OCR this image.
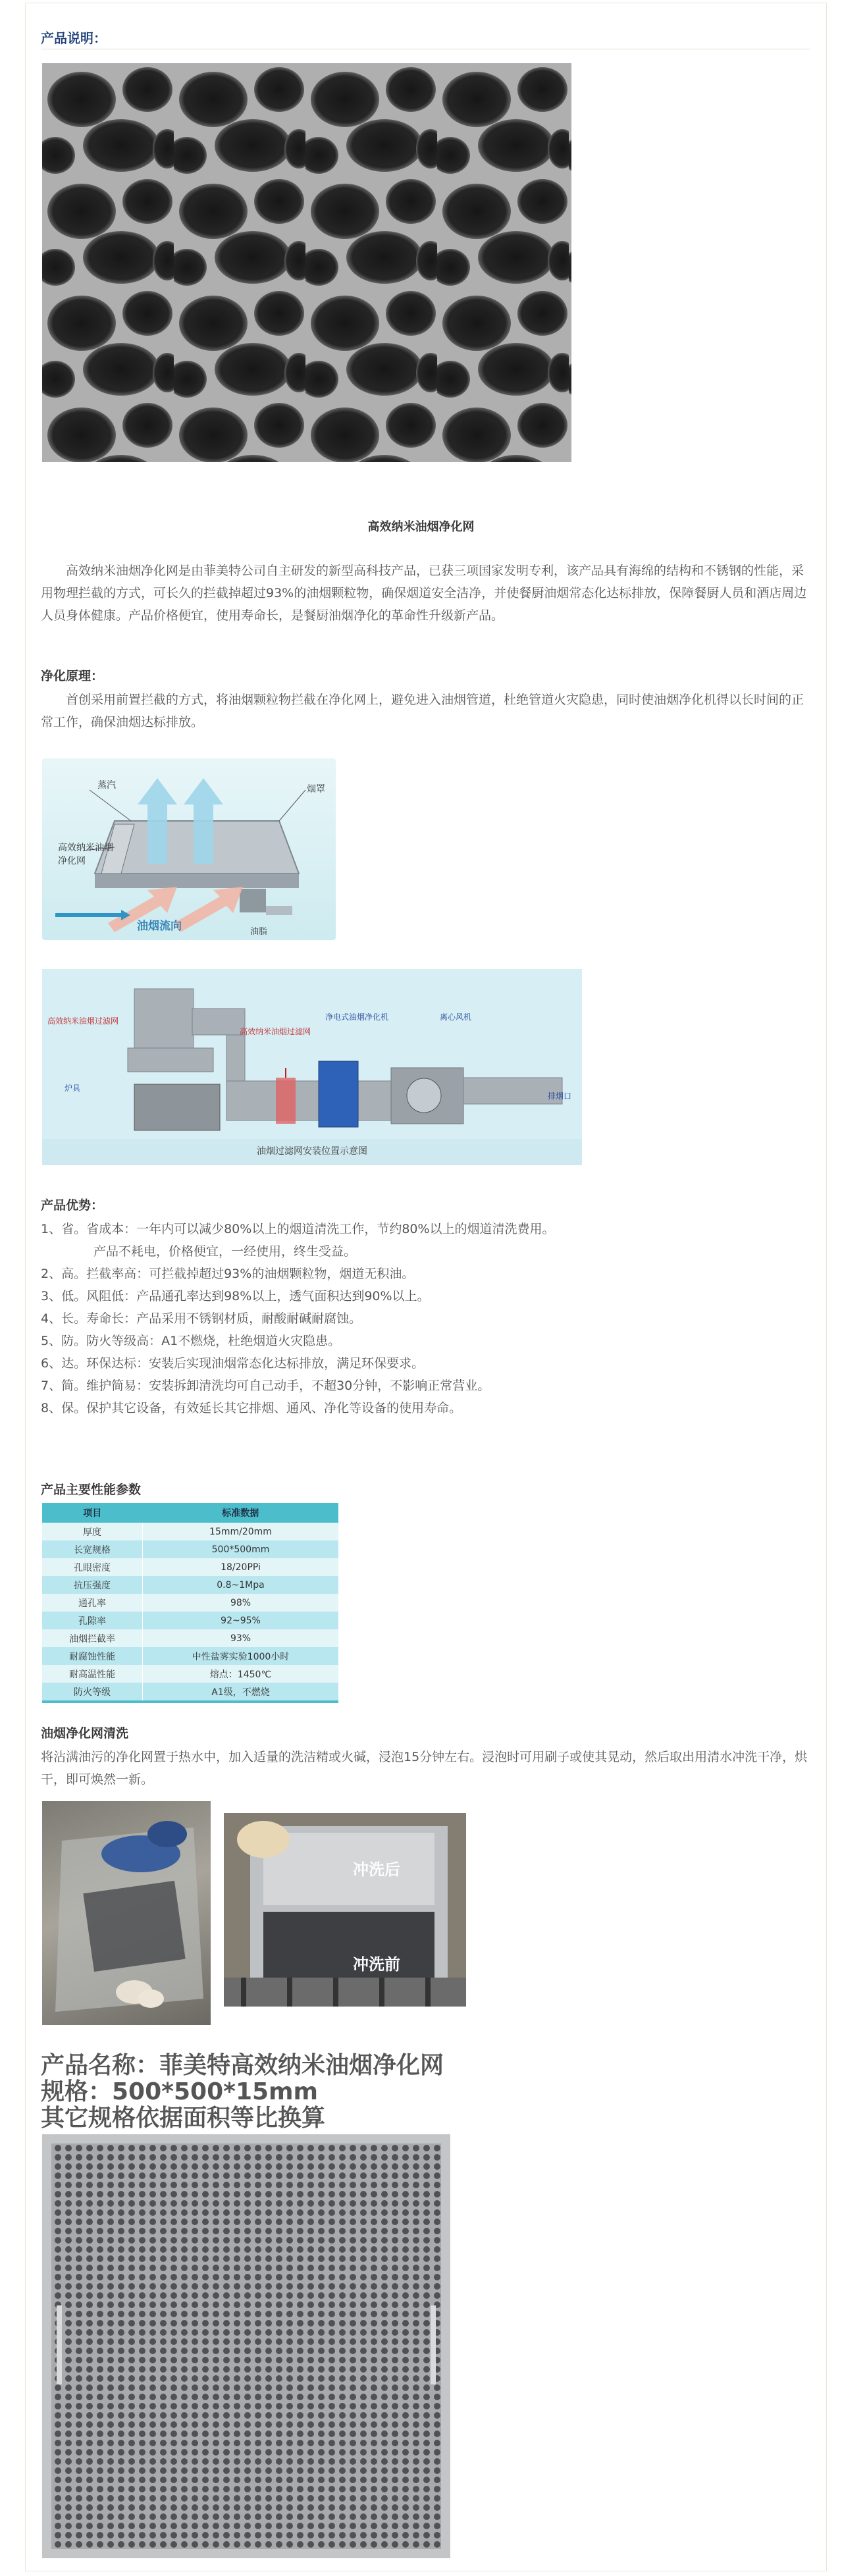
产品说明：
高效纳米油烟净化网
高效纳米油烟净化网是由菲美特公司自主研发的新型高科技产品，已获三项国家发明专利，该产品具有海绵的结构和不锈钢的性能，采用物理拦截的方式，可长久的拦截掉超过93%的油烟颗粒物，确保烟道安全洁净，并使餐厨油烟常态化达标排放，保障餐厨人员和酒店周边人员身体健康。产品价格便宜，使用寿命长，是餐厨油烟净化的革命性升级新产品。
净化原理：
首创采用前置拦截的方式，将油烟颗粒物拦截在净化网上，避免进入油烟管道，杜绝管道火灾隐患，同时使油烟净化机得以长时间的正常工作，确保油烟达标排放。
蒸汽	烟罩
高效纳米油烟
净化网
油烟流向	油脂
高效纳米油烟过滤网
高效纳米油烟过滤网
净电式油烟净化机	离心风机
炉具
排烟口
油烟过滤网安装位置示意图
产品优势：
1、省。省成本：一年内可以减少80%以上的烟道清洗工作，节约80%以上的烟道清洗费用。
产品不耗电，价格便宜，一经使用，终生受益。
2、高。拦截率高：可拦截掉超过93%的油烟颗粒物，烟道无积油。
3、低。风阻低：产品通孔率达到98%以上，透气面积达到90%以上。
4、长。寿命长：产品采用不锈钢材质，耐酸耐碱耐腐蚀。
5、防。防火等级高：A1不燃烧，杜绝烟道火灾隐患。
6、达。环保达标：安装后实现油烟常态化达标排放，满足环保要求。
7、简。维护简易：安装拆卸清洗均可自己动手，不超30分钟，不影响正常营业。
8、保。保护其它设备，有效延长其它排烟、通风、净化等设备的使用寿命。
产品主要性能参数
项目	标准数据
厚度	15mm/20mm
长宽规格	500*500mm
孔眼密度	18/20PPi
抗压强度	0.8~1Mpa
通孔率	98%
孔隙率	92~95%
油烟拦截率	93%
耐腐蚀性能	中性盐雾实验1000小时
耐高温性能	熔点：1450℃
防火等级	A1级，不燃烧
油烟净化网清洗
将沾满油污的净化网置于热水中，加入适量的洗洁精或火碱，浸泡15分钟左右。浸泡时可用刷子或使其晃动，然后取出用清水冲洗干净，烘干，即可焕然一新。
冲洗后
冲洗前
产品名称：菲美特高效纳米油烟净化网
规格：500*500*15mm
其它规格依据面积等比换算
